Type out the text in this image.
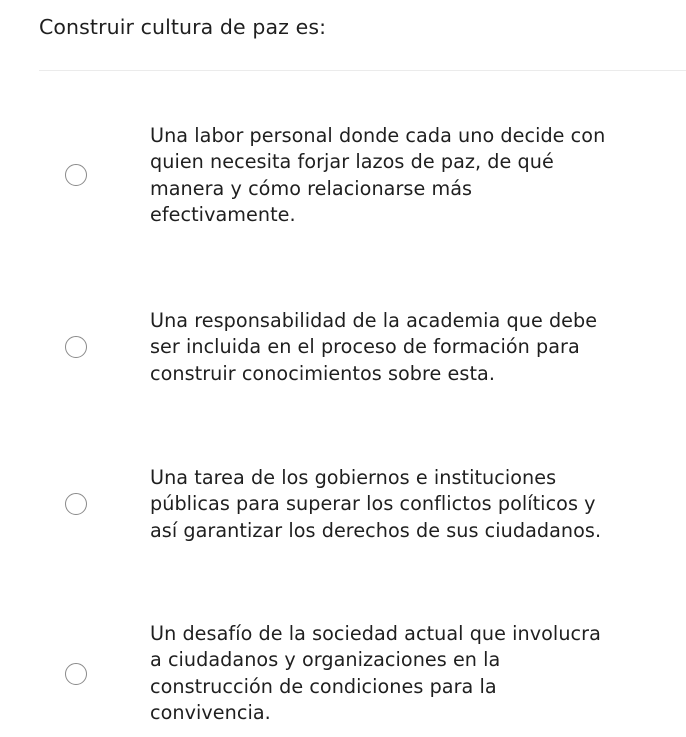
Construir cultura de paz es:
Una labor personal donde cada uno decide con
quien necesita forjar lazos de paz, de qué
manera y cómo relacionarse más
efectivamente.
Una responsabilidad de la academia que debe
ser incluida en el proceso de formación para
construir conocimientos sobre esta.
Una tarea de los gobiernos e instituciones
públicas para superar los conflictos políticos y
así garantizar los derechos de sus ciudadanos.
Un desafío de la sociedad actual que involucra
a ciudadanos y organizaciones en la
construcción de condiciones para la
convivencia.
